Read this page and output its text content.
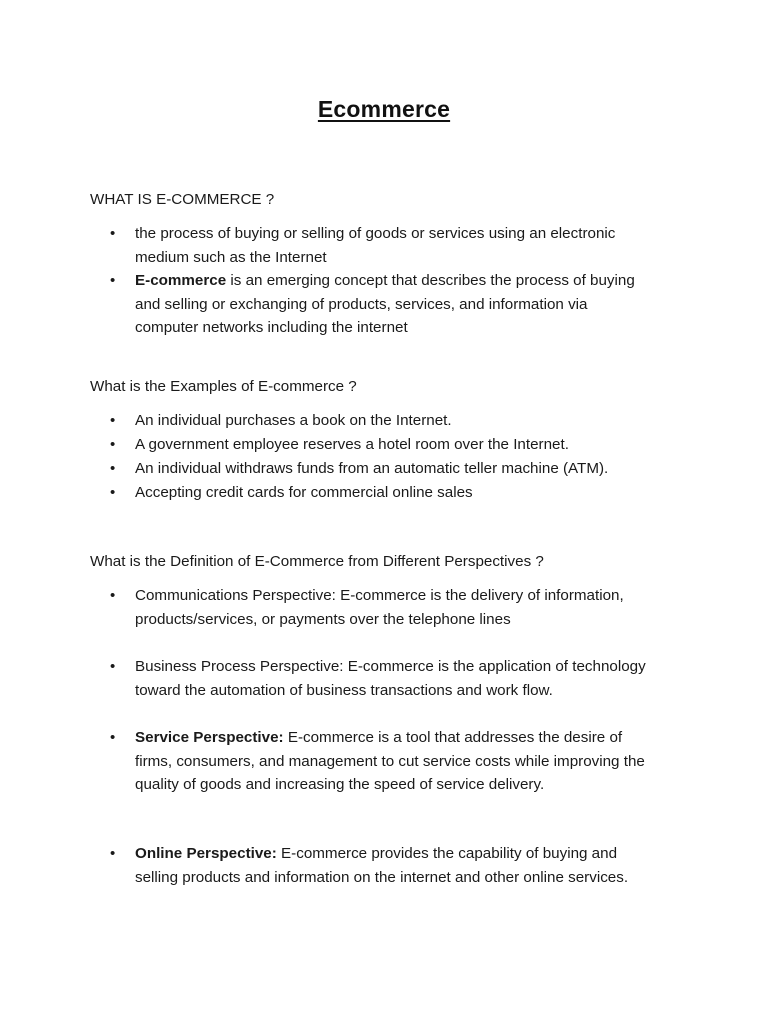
Ecommerce
WHAT IS E-COMMERCE ?
•	the process of buying or selling of goods or services using an electronic
medium such as the Internet
•	E-commerce is an emerging concept that describes the process of buying
and selling or exchanging of products, services, and information via
computer networks including the internet
What is the Examples of E-commerce ?
•	An individual purchases a book on the Internet.
•	A government employee reserves a hotel room over the Internet.
•	An individual withdraws funds from an automatic teller machine (ATM).
•	Accepting credit cards for commercial online sales
What is the Definition of E-Commerce from Different Perspectives ?
•	Communications Perspective: E-commerce is the delivery of information,
products/services, or payments over the telephone lines
•	Business Process Perspective: E-commerce is the application of technology
toward the automation of business transactions and work flow.
•	Service Perspective: E-commerce is a tool that addresses the desire of
firms, consumers, and management to cut service costs while improving the
quality of goods and increasing the speed of service delivery.
•	Online Perspective: E-commerce provides the capability of buying and
selling products and information on the internet and other online services.
